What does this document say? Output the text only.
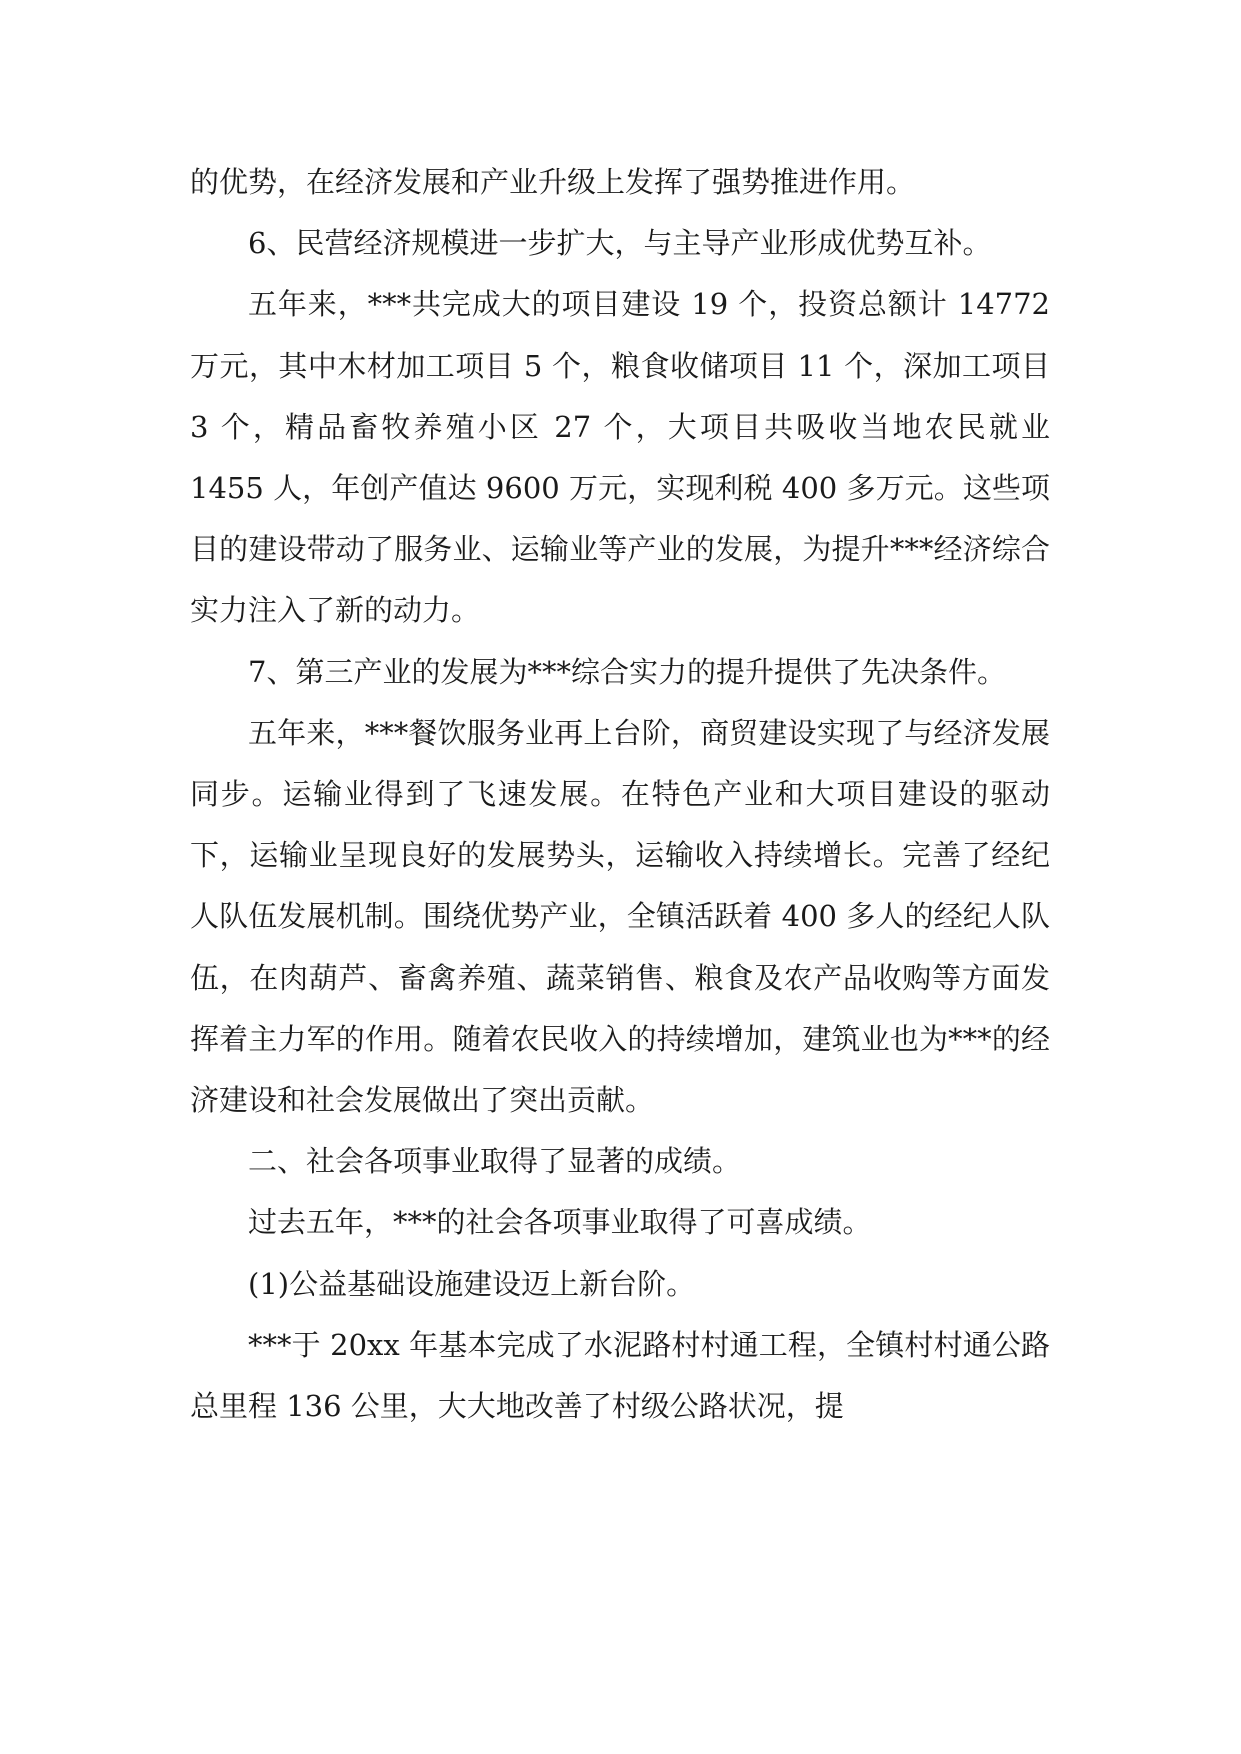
的优势，在经济发展和产业升级上发挥了强势推进作用。

6、民营经济规模进一步扩大，与主导产业形成优势互补。

五年来，***共完成大的项目建设 19 个，投资总额计 14772 万元，其中木材加工项目 5 个，粮食收储项目 11 个，深加工项目 3 个，精品畜牧养殖小区 27 个，大项目共吸收当地农民就业 1455 人，年创产值达 9600 万元，实现利税 400 多万元。这些项目的建设带动了服务业、运输业等产业的发展，为提升***经济综合实力注入了新的动力。

7、第三产业的发展为***综合实力的提升提供了先决条件。

五年来，***餐饮服务业再上台阶，商贸建设实现了与经济发展同步。运输业得到了飞速发展。在特色产业和大项目建设的驱动下，运输业呈现良好的发展势头，运输收入持续增长。完善了经纪人队伍发展机制。围绕优势产业，全镇活跃着 400 多人的经纪人队伍，在肉葫芦、畜禽养殖、蔬菜销售、粮食及农产品收购等方面发挥着主力军的作用。随着农民收入的持续增加，建筑业也为***的经济建设和社会发展做出了突出贡献。

二、社会各项事业取得了显著的成绩。

过去五年，***的社会各项事业取得了可喜成绩。

(1)公益基础设施建设迈上新台阶。

***于 20xx 年基本完成了水泥路村村通工程，全镇村村通公路总里程 136 公里，大大地改善了村级公路状况，提
